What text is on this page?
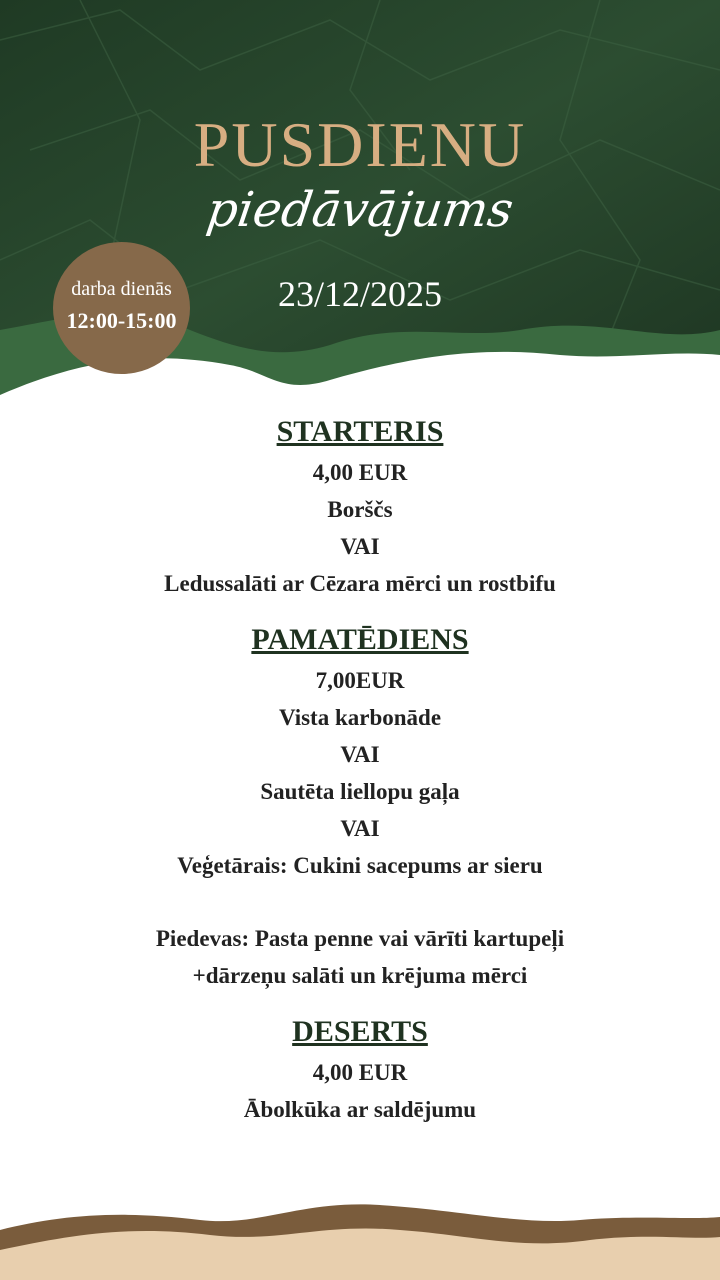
PUSDIENU
piedāvājums
23/12/2025
darba dienās
12:00-15:00
STARTERIS
4,00 EUR
Borščs
VAI
Ledussalāti ar Cēzara mērci un rostbifu
PAMATĒDIENS
7,00EUR
Vista karbonāde
VAI
Sautēta liellopu gaļa
VAI
Veģetārais: Cukini sacepums ar sieru
Piedevas: Pasta penne vai vārīti kartupeļi
+dārzeņu salāti un krējuma mērci
DESERTS
4,00 EUR
Ābolkūka ar saldējumu
